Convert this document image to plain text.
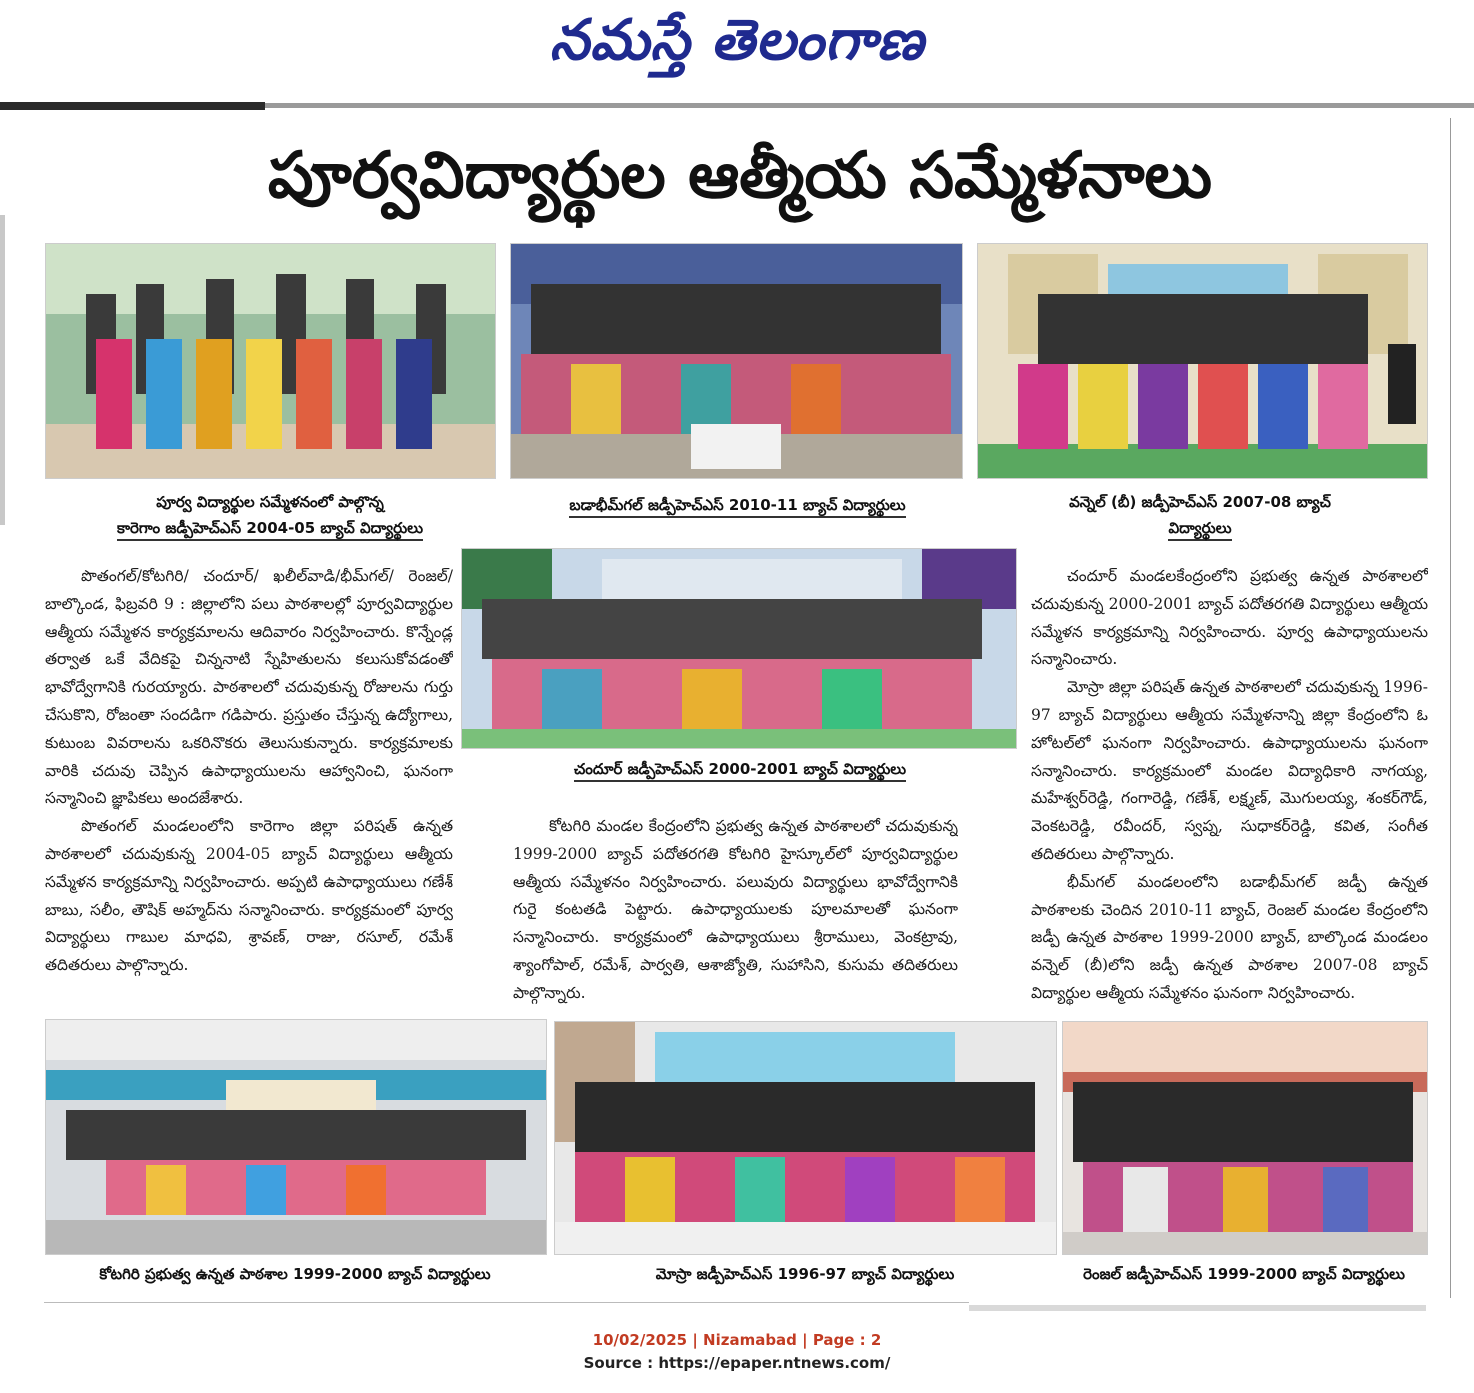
నమస్తే తెలంగాణ
పూర్వవిద్యార్థుల ఆత్మీయ సమ్మేళనాలు
పూర్వ విద్యార్థుల సమ్మేళనంలో పాల్గొన్న
కారెగాం జడ్పీహెచ్‌ఎస్ 2004-05 బ్యాచ్ విద్యార్థులు
బడాభీమ్‌గల్ జడ్పీహెచ్‌ఎస్ 2010-11 బ్యాచ్ విద్యార్థులు	వన్నెల్ (బీ) జడ్పీహెచ్‌ఎస్ 2007-08 బ్యాచ్
విద్యార్థులు
చందూర్ జడ్పీహెచ్‌ఎస్ 2000-2001 బ్యాచ్ విద్యార్థులు

పొతంగల్/కోటగిరి/ చందూర్/ ఖలీల్‌వాడి/భీమ్‌గల్/ రెంజల్/బాల్కొండ, ఫిబ్రవరి 9 : జిల్లాలోని పలు పాఠశాలల్లో పూర్వవిద్యార్థుల ఆత్మీయ సమ్మేళన కార్యక్రమాలను ఆదివారం నిర్వహించారు. కొన్నేండ్ల తర్వాత ఒకే వేదికపై చిన్ననాటి స్నేహితులను కలుసుకోవడంతో భావోద్వేగానికి గురయ్యారు. పాఠశాలలో చదువుకున్న రోజులను గుర్తు చేసుకొని, రోజంతా సందడిగా గడిపారు. ప్రస్తుతం చేస్తున్న ఉద్యోగాలు, కుటుంబ వివరాలను ఒకరినొకరు తెలుసుకున్నారు. కార్యక్రమాలకు వారికి చదువు చెప్పిన ఉపాధ్యాయులను ఆహ్వానించి, ఘనంగా సన్మానించి జ్ఞాపికలు అందజేశారు.

పొతంగల్ మండలంలోని కారెగాం జిల్లా పరిషత్ ఉన్నత పాఠశాలలో చదువుకున్న 2004-05 బ్యాచ్ విద్యార్థులు ఆత్మీయ సమ్మేళన కార్యక్రమాన్ని నిర్వహించారు. అప్పటి ఉపాధ్యాయులు గణేశ్ బాబు, సలీం, తౌషిక్ అహ్మద్‌ను సన్మానించారు. కార్యక్రమంలో పూర్వ విద్యార్థులు గాబుల మాధవి, శ్రావణ్, రాజు, రసూల్, రమేశ్ తదితరులు పాల్గొన్నారు.

కోటగిరి మండల కేంద్రంలోని ప్రభుత్వ ఉన్నత పాఠశాలలో చదువుకున్న 1999-2000 బ్యాచ్ పదోతరగతి కోటగిరి హైస్కూల్‌లో పూర్వవిద్యార్థుల ఆత్మీయ సమ్మేళనం నిర్వహించారు. పలువురు విద్యార్థులు భావోద్వేగానికి గురై కంటతడి పెట్టారు. ఉపాధ్యాయులకు పూలమాలతో ఘనంగా సన్మానించారు. కార్యక్రమంలో ఉపాధ్యాయులు శ్రీరాములు, వెంకట్రావు, శ్యాంగోపాల్, రమేశ్, పార్వతి, ఆశాజ్యోతి, సుహాసిని, కుసుమ తదితరులు పాల్గొన్నారు.

చందూర్ మండలకేంద్రంలోని ప్రభుత్వ ఉన్నత పాఠశాలలో చదువుకున్న 2000-2001 బ్యాచ్ పదోతరగతి విద్యార్థులు ఆత్మీయ సమ్మేళన కార్యక్రమాన్ని నిర్వహించారు. పూర్వ ఉపాధ్యాయులను సన్మానించారు.

మోస్రా జిల్లా పరిషత్ ఉన్నత పాఠశాలలో చదువుకున్న 1996-97 బ్యాచ్ విద్యార్థులు ఆత్మీయ సమ్మేళనాన్ని జిల్లా కేంద్రంలోని ఓ హోటల్‌లో ఘనంగా నిర్వహించారు. ఉపాధ్యాయులను ఘనంగా సన్మానించారు. కార్యక్రమంలో మండల విద్యాధికారి నాగయ్య, మహేశ్వర్‌రెడ్డి, గంగారెడ్డి, గణేశ్, లక్ష్మణ్, మొగులయ్య, శంకర్‌గౌడ్, వెంకటరెడ్డి, రవీందర్, స్వప్న, సుధాకర్‌రెడ్డి, కవిత, సంగీత తదితరులు పాల్గొన్నారు.

భీమ్‌గల్ మండలంలోని బడాభీమ్‌గల్ జడ్పీ ఉన్నత పాఠశాలకు చెందిన 2010-11 బ్యాచ్, రెంజల్ మండల కేంద్రంలోని జడ్పీ ఉన్నత పాఠశాల 1999-2000 బ్యాచ్, బాల్కొండ మండలం వన్నెల్ (బీ)లోని జడ్పీ ఉన్నత పాఠశాల 2007-08 బ్యాచ్ విద్యార్థుల ఆత్మీయ సమ్మేళనం ఘనంగా నిర్వహించారు.

కోటగిరి ప్రభుత్వ ఉన్నత పాఠశాల 1999-2000 బ్యాచ్ విద్యార్థులు	మోస్రా జడ్పీహెచ్‌ఎస్ 1996-97 బ్యాచ్ విద్యార్థులు	రెంజల్ జడ్పీహెచ్‌ఎస్ 1999-2000 బ్యాచ్ విద్యార్థులు
10/02/2025 | Nizamabad | Page : 2
Source : https://epaper.ntnews.com/
